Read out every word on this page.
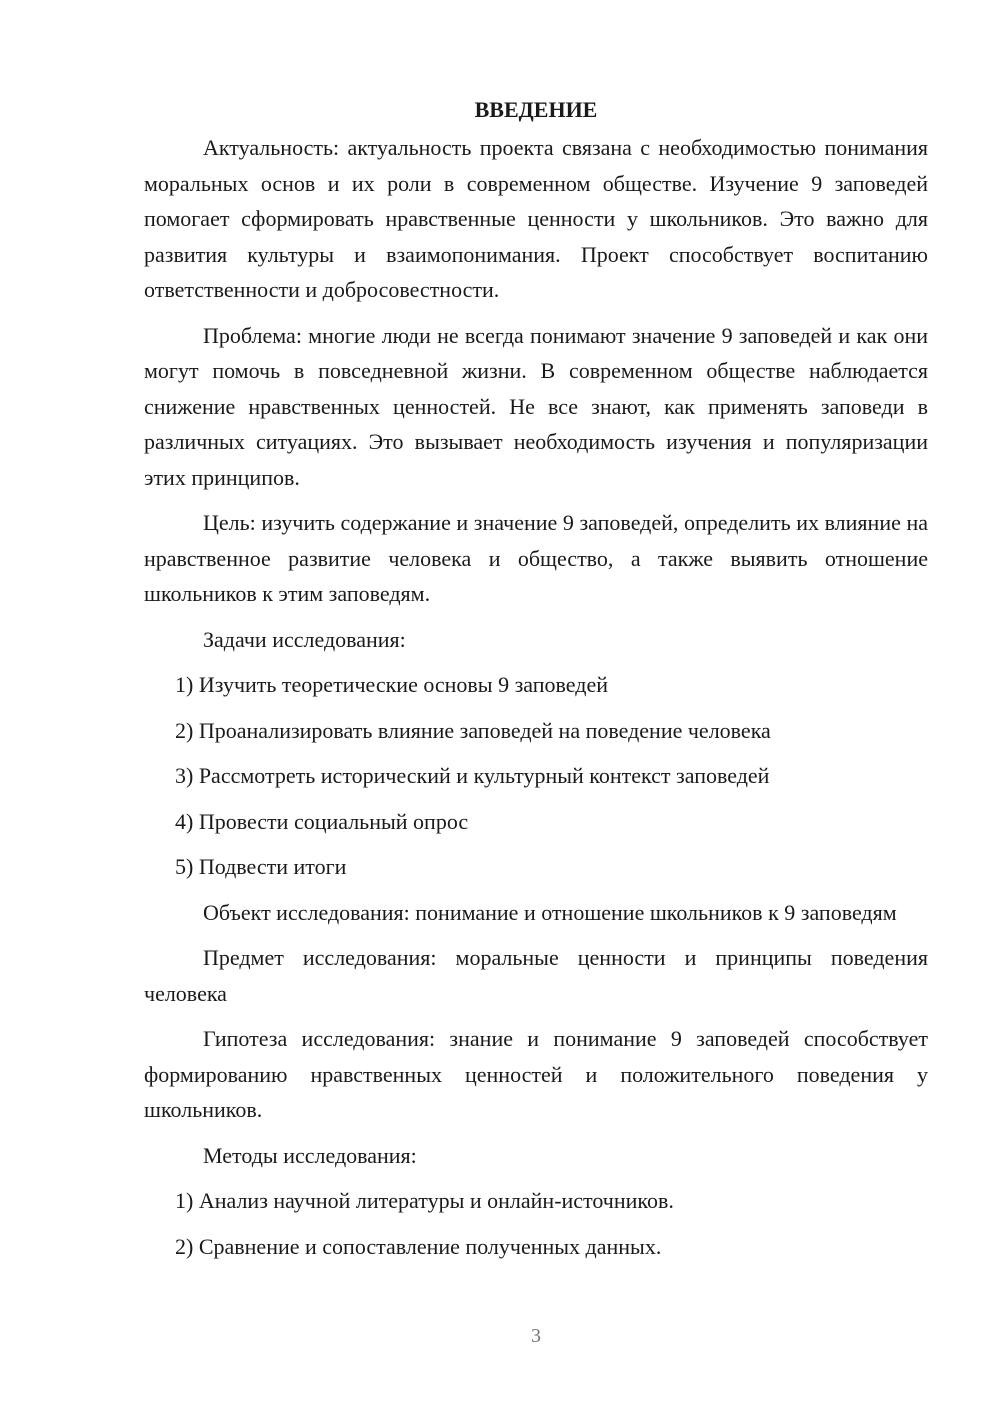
ВВЕДЕНИЕ

Актуальность: актуальность проекта связана с необходимостью понимания моральных основ и их роли в современном обществе. Изучение 9 заповедей помогает сформировать нравственные ценности у школьников. Это важно для развития культуры и взаимопонимания. Проект способствует воспитанию ответственности и добросовестности.

Проблема: многие люди не всегда понимают значение 9 заповедей и как они могут помочь в повседневной жизни. В современном обществе наблюдается снижение нравственных ценностей. Не все знают, как применять заповеди в различных ситуациях. Это вызывает необходимость изучения и популяризации этих принципов.

Цель: изучить содержание и значение 9 заповедей, определить их влияние на нравственное развитие человека и общество, а также выявить отношение школьников к этим заповедям.

Задачи исследования:

1) Изучить теоретические основы 9 заповедей
2) Проанализировать влияние заповедей на поведение человека
3) Рассмотреть исторический и культурный контекст заповедей
4) Провести социальный опрос
5) Подвести итоги

Объект исследования: понимание и отношение школьников к 9 заповедям

Предмет исследования: моральные ценности и принципы поведения человека

Гипотеза исследования: знание и понимание 9 заповедей способствует формированию нравственных ценностей и положительного поведения у школьников.

Методы исследования:

1) Анализ научной литературы и онлайн-источников.
2) Сравнение и сопоставление полученных данных.
3
